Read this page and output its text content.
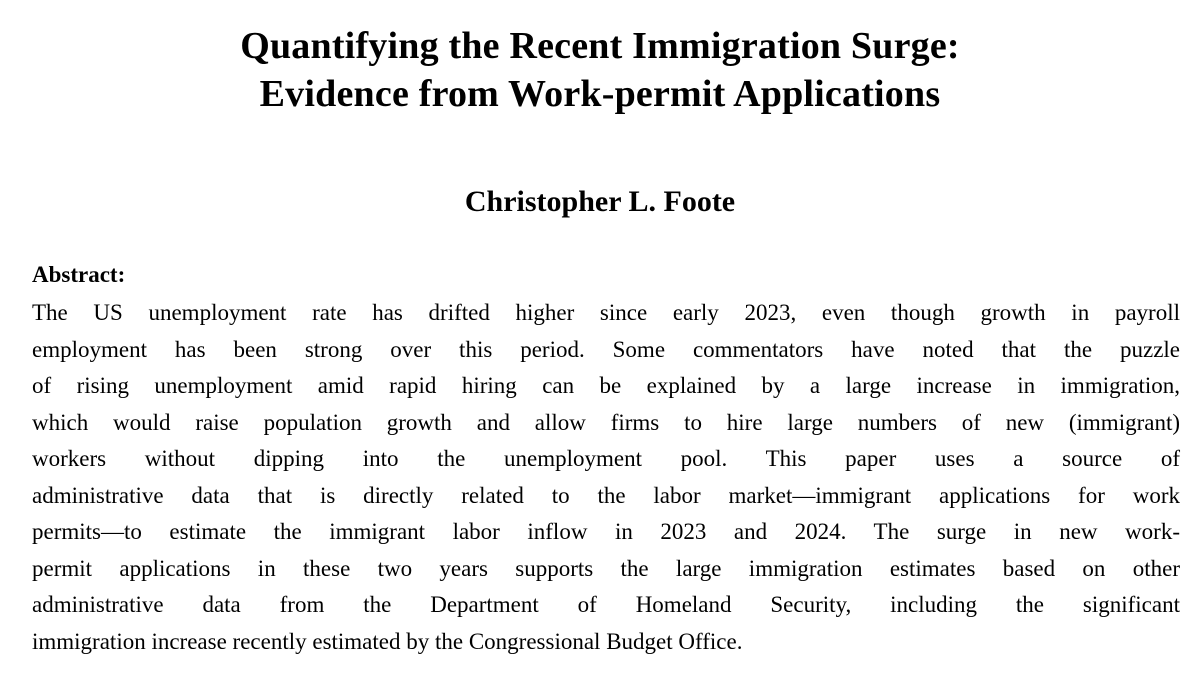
Quantifying the Recent Immigration Surge:
Evidence from Work-permit Applications
Christopher L. Foote
Abstract:
The US unemployment rate has drifted higher since early 2023, even though growth in payroll
employment has been strong over this period. Some commentators have noted that the puzzle
of rising unemployment amid rapid hiring can be explained by a large increase in immigration,
which would raise population growth and allow firms to hire large numbers of new (immigrant)
workers without dipping into the unemployment pool. This paper uses a source of
administrative data that is directly related to the labor market—immigrant applications for work
permits—to estimate the immigrant labor inflow in 2023 and 2024. The surge in new work-
permit applications in these two years supports the large immigration estimates based on other
administrative data from the Department of Homeland Security, including the significant
immigration increase recently estimated by the Congressional Budget Office.
